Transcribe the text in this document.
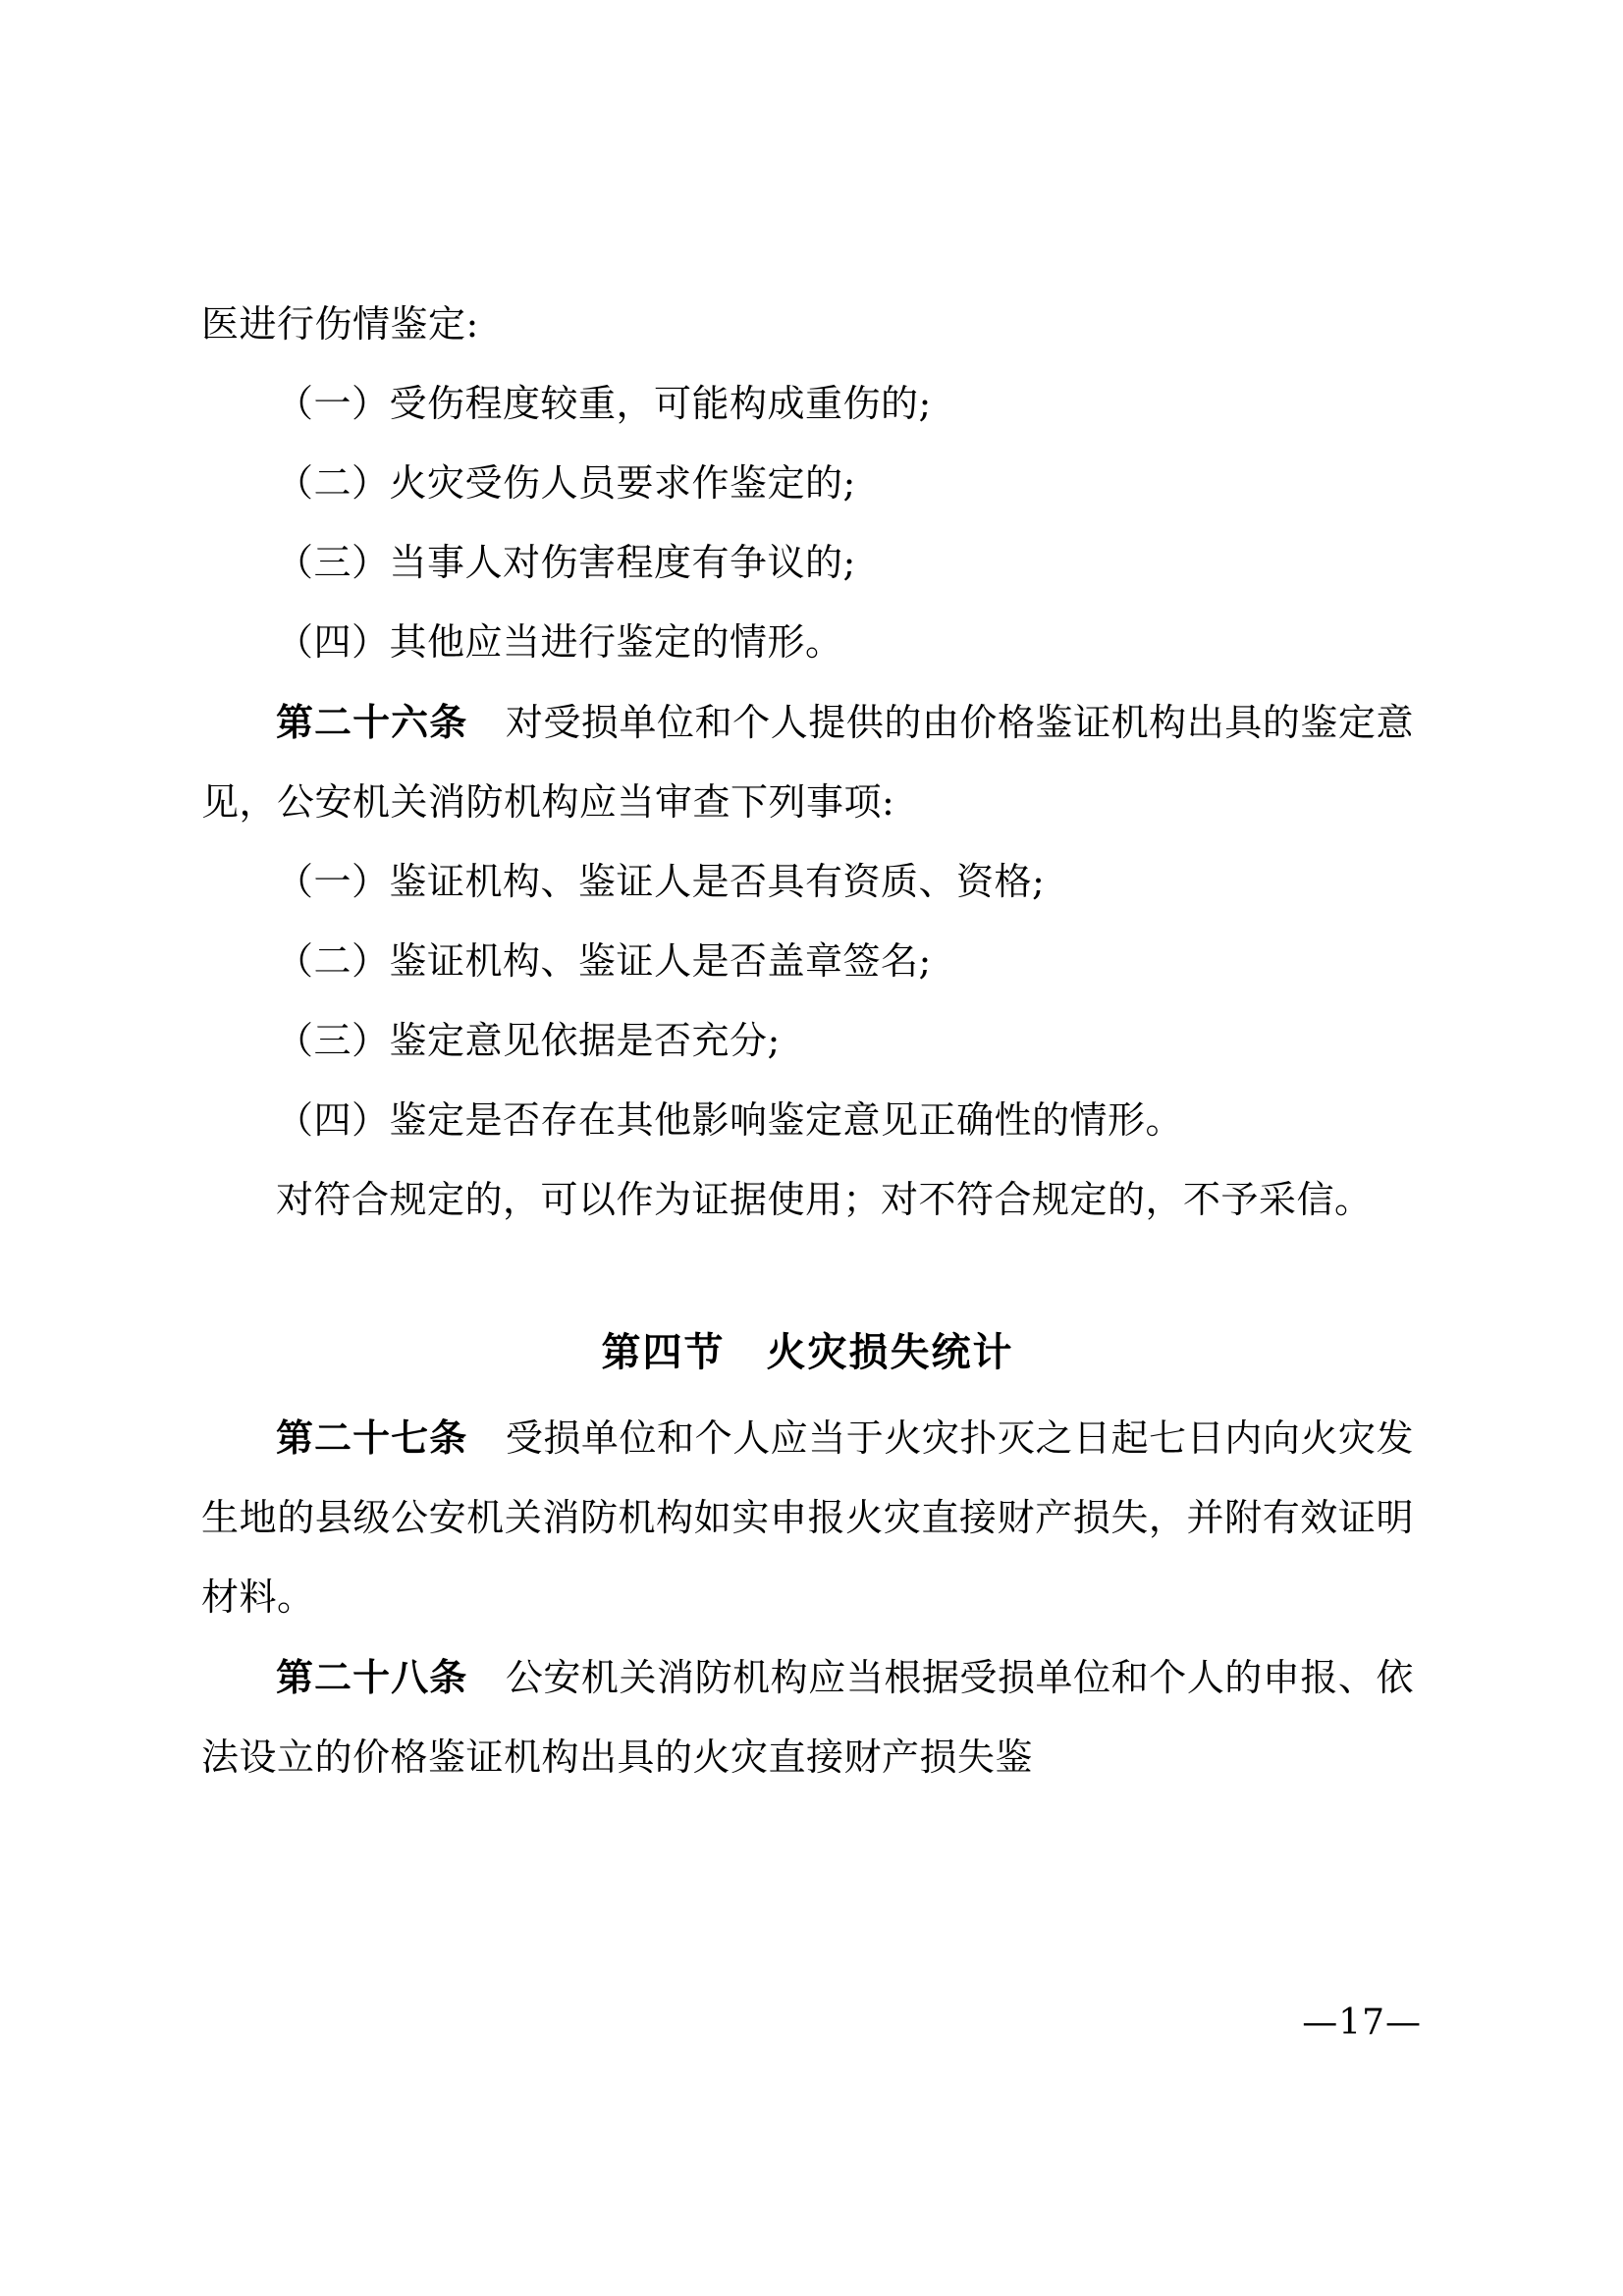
医进行伤情鉴定:

（一）受伤程度较重，可能构成重伤的;

（二）火灾受伤人员要求作鉴定的;

（三）当事人对伤害程度有争议的;

（四）其他应当进行鉴定的情形。

第二十六条　对受损单位和个人提供的由价格鉴证机构出具的鉴定意见，公安机关消防机构应当审查下列事项:

（一）鉴证机构、鉴证人是否具有资质、资格;

（二）鉴证机构、鉴证人是否盖章签名;

（三）鉴定意见依据是否充分;

（四）鉴定是否存在其他影响鉴定意见正确性的情形。

对符合规定的，可以作为证据使用；对不符合规定的，不予采信。

第四节　火灾损失统计

第二十七条　受损单位和个人应当于火灾扑灭之日起七日内向火灾发生地的县级公安机关消防机构如实申报火灾直接财产损失，并附有效证明材料。

第二十八条　公安机关消防机构应当根据受损单位和个人的申报、依法设立的价格鉴证机构出具的火灾直接财产损失鉴

—17—
